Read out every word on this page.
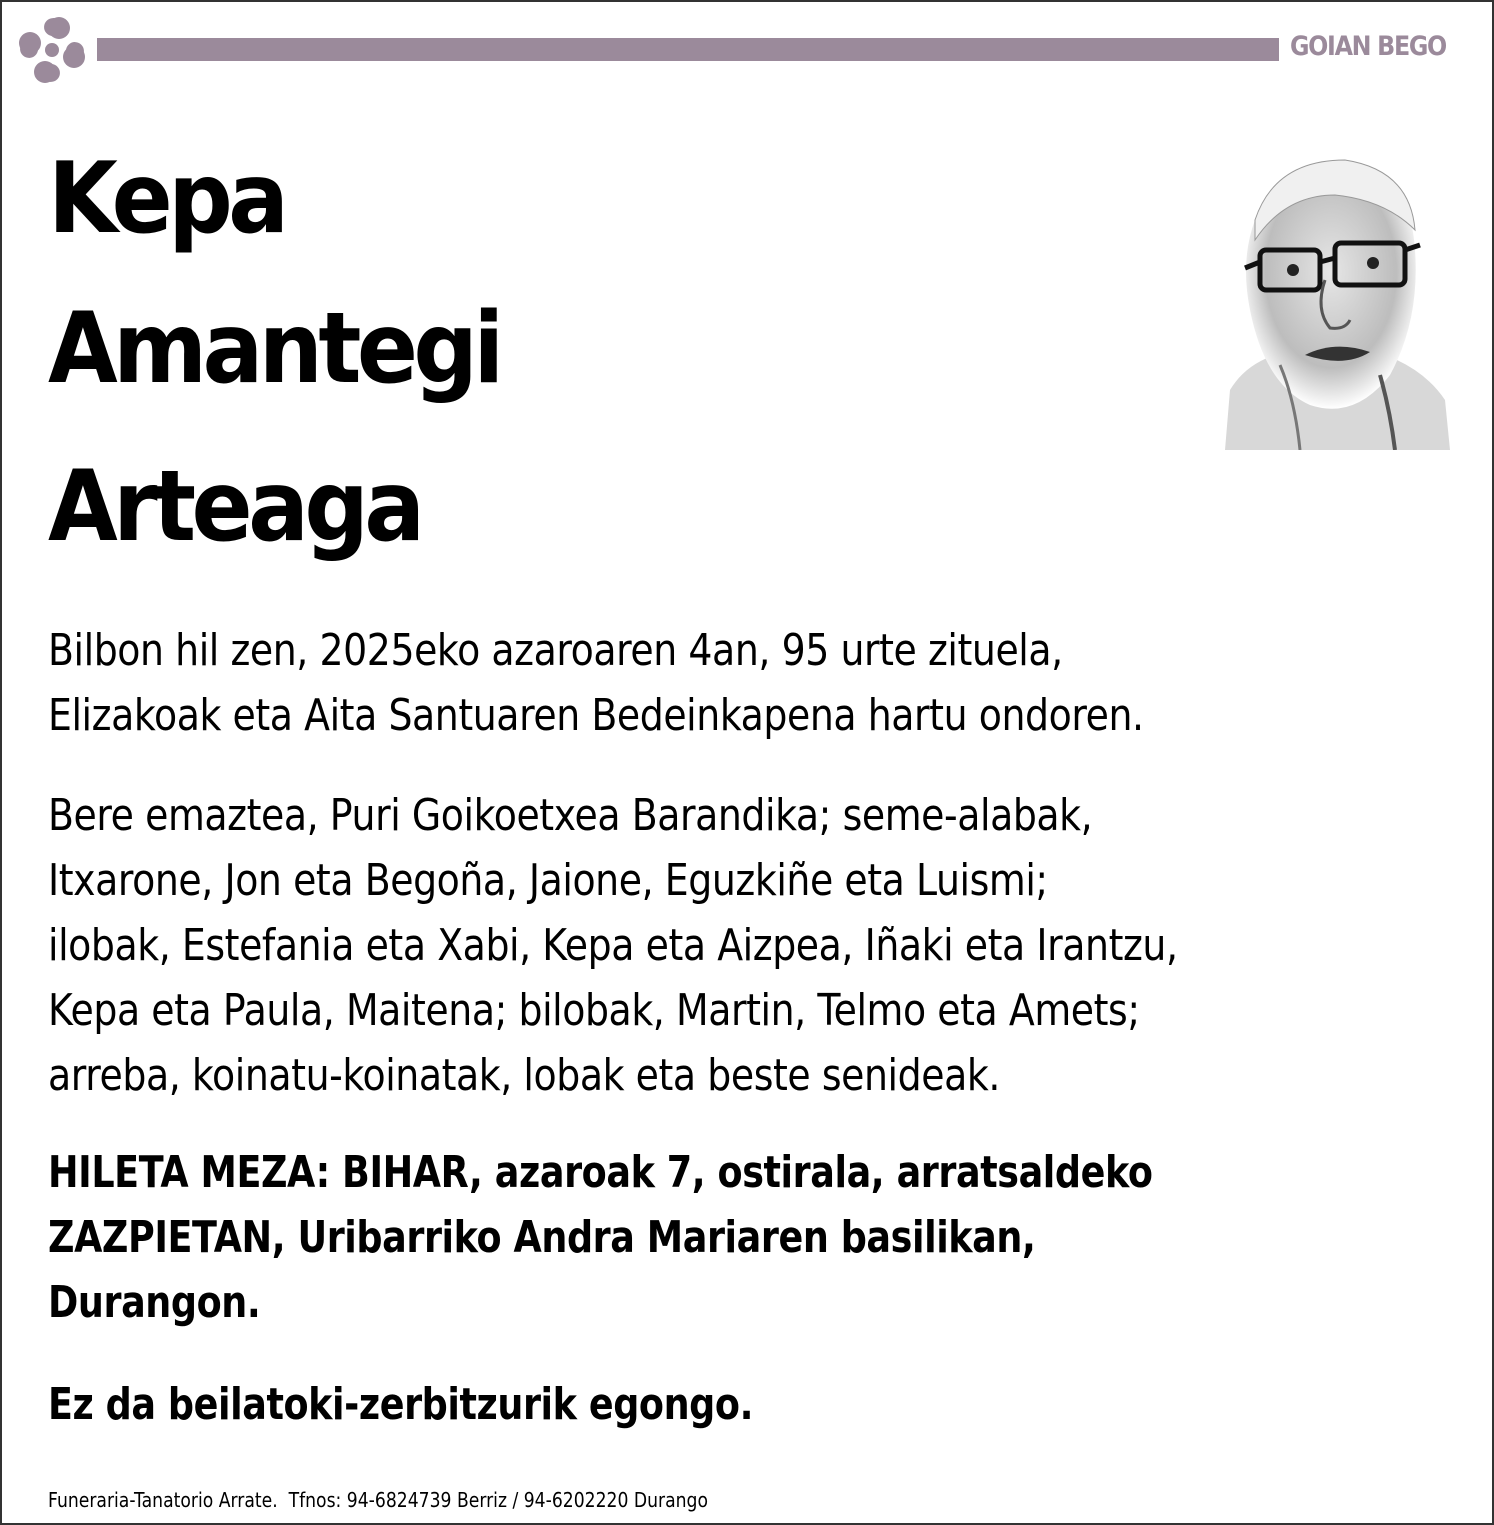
GOIAN BEGO
Kepa
Amantegi
Arteaga
Bilbon hil zen, 2025eko azaroaren 4an, 95 urte zituela,
Elizakoak eta Aita Santuaren Bedeinkapena hartu ondoren.
Bere emaztea, Puri Goikoetxea Barandika; seme-alabak,
Itxarone, Jon eta Begoña, Jaione, Eguzkiñe eta Luismi;
ilobak, Estefania eta Xabi, Kepa eta Aizpea, Iñaki eta Irantzu,
Kepa eta Paula, Maitena; bilobak, Martin, Telmo eta Amets;
arreba, koinatu-koinatak, lobak eta beste senideak.
HILETA MEZA: BIHAR, azaroak 7, ostirala, arratsaldeko
ZAZPIETAN, Uribarriko Andra Mariaren basilikan,
Durangon.
Ez da beilatoki-zerbitzurik egongo.
Funeraria-Tanatorio Arrate.  Tfnos: 94-6824739 Berriz / 94-6202220 Durango
